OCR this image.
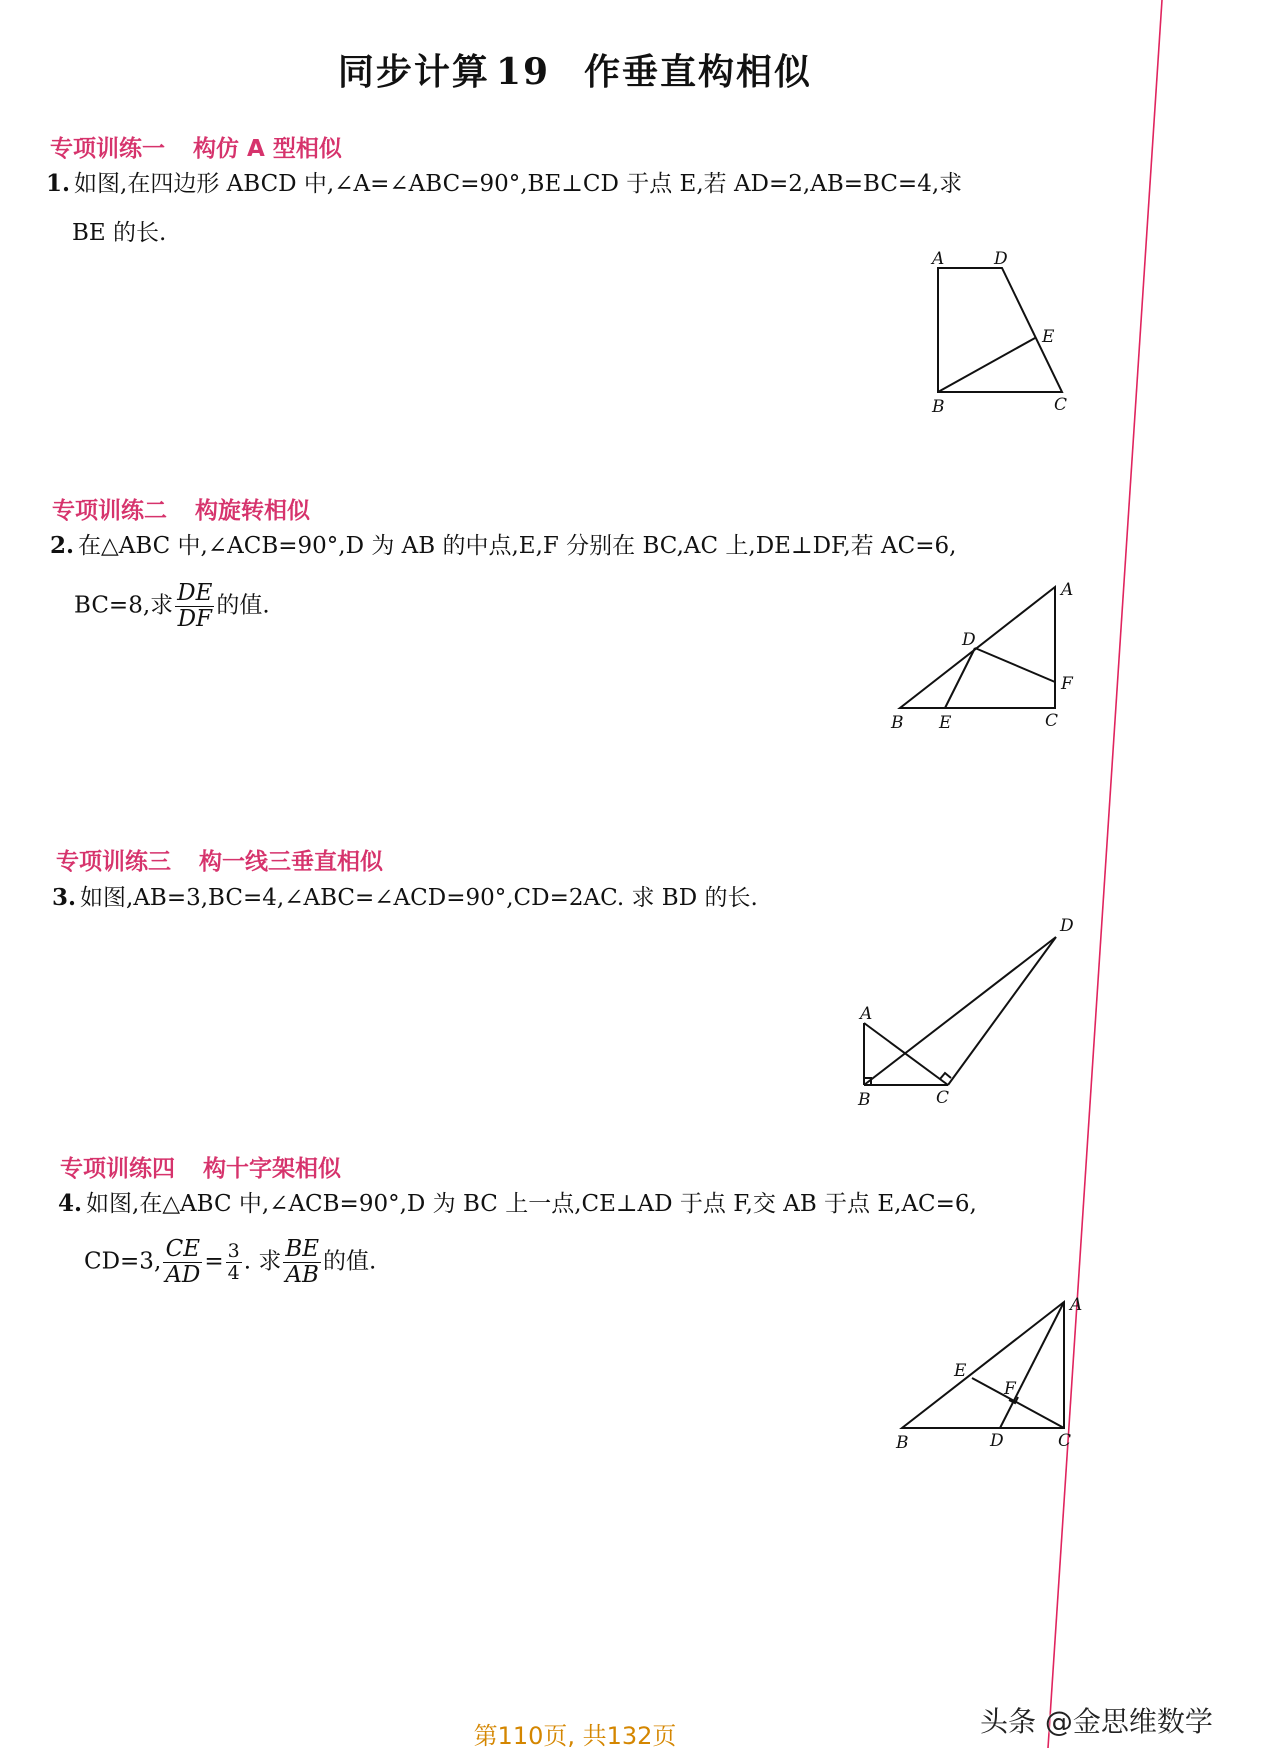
同步计算 19 作垂直构相似
专项训练一 构仿 A 型相似
1. 如图,在四边形 ABCD 中,∠A=∠ABC=90°,BE⊥CD 于点 E,若 AD=2,AB=BC=4,求
BE 的长.
A	D
E
B	C
专项训练二 构旋转相似
2. 在△ABC 中,∠ACB=90°,D 为 AB 的中点,E,F 分别在 BC,AC 上,DE⊥DF,若 AC=6,
BC=8,求 $\frac{DE}{DF}$ 的值.
A
D
F
B E	C
专项训练三 构一线三垂直相似
3. 如图,AB=3,BC=4,∠ABC=∠ACD=90°,CD=2AC. 求 BD 的长.
A
D
B	C
专项训练四 构十字架相似
4. 如图,在△ABC 中,∠ACB=90°,D 为 BC 上一点,CE⊥AD 于点 F,交 AB 于点 E,AC=6,
CD=3, $\frac{CE}{AD} = \frac{3}{4}$ . 求 $\frac{BE}{AB}$ 的值.
A
E
F
B	D	C
第110页, 共132页	头条 @金思维数学
